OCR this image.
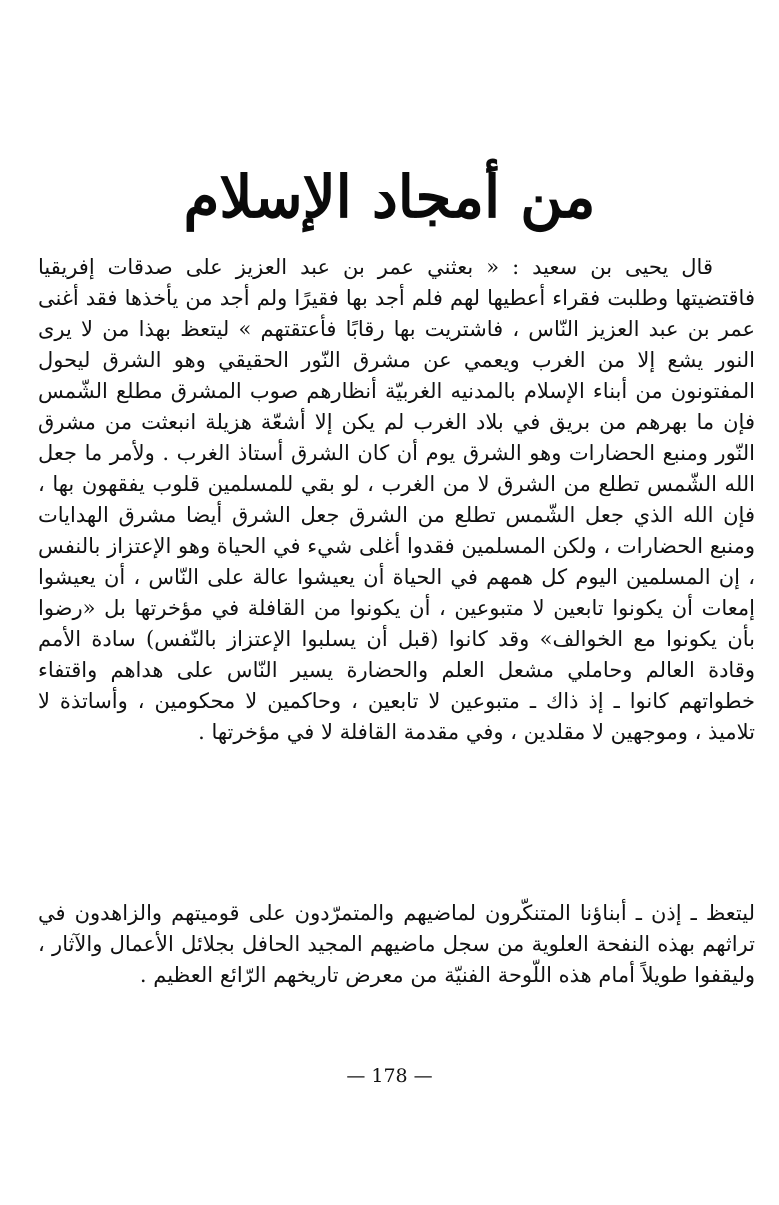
من أمجاد الإسلام

قال يحيى بن سعيد : « بعثني عمر بن عبد العزيز على صدقات إفريقيا فاقتضيتها وطلبت فقراء أعطيها لهم فلم أجد بها فقيرًا ولم أجد من يأخذها فقد أغنى عمر بن عبد العزيز النّاس ، فاشتريت بها رقابًا فأعتقتهم » ليتعظ بهذا من لا يرى النور يشع إلا من الغرب ويعمي عن مشرق النّور الحقيقي وهو الشرق ليحول المفتونون من أبناء الإسلام بالمدنيه الغربيّة أنظارهم صوب المشرق مطلع الشّمس فإن ما بهرهم من بريق في بلاد الغرب لم يكن إلا أشعّة هزيلة انبعثت من مشرق النّور ومنبع الحضارات وهو الشرق يوم أن كان الشرق أستاذ الغرب . ولأمر ما جعل الله الشّمس تطلع من الشرق لا من الغرب ، لو بقي للمسلمين قلوب يفقهون بها ، فإن الله الذي جعل الشّمس تطلع من الشرق جعل الشرق أيضا مشرق الهدايات ومنبع الحضارات ، ولكن المسلمين فقدوا أغلى شيء في الحياة وهو الإعتزاز بالنفس ، إن المسلمين اليوم كل همهم في الحياة أن يعيشوا عالة على النّاس ، أن يعيشوا إمعات أن يكونوا تابعين لا متبوعين ، أن يكونوا من القافلة في مؤخرتها بل «رضوا بأن يكونوا مع الخوالف» وقد كانوا (قبل أن يسلبوا الإعتزاز بالنّفس) سادة الأمم وقادة العالم وحاملي مشعل العلم والحضارة يسير النّاس على هداهم واقتفاء خطواتهم كانوا ـ إذ ذاك ـ متبوعين لا تابعين ، وحاكمين لا محكومين ، وأساتذة لا تلاميذ ، وموجهين لا مقلدين ، وفي مقدمة القافلة لا في مؤخرتها .

ليتعظ ـ إذن ـ أبناؤنا المتنكّرون لماضيهم والمتمرّدون على قوميتهم والزاهدون في تراثهم بهذه النفحة العلوية من سجل ماضيهم المجيد الحافل بجلائل الأعمال والآثار ، وليقفوا طويلاً أمام هذه اللّوحة الفنيّة من معرض تاريخهم الرّائع العظيم .

— 178 —
